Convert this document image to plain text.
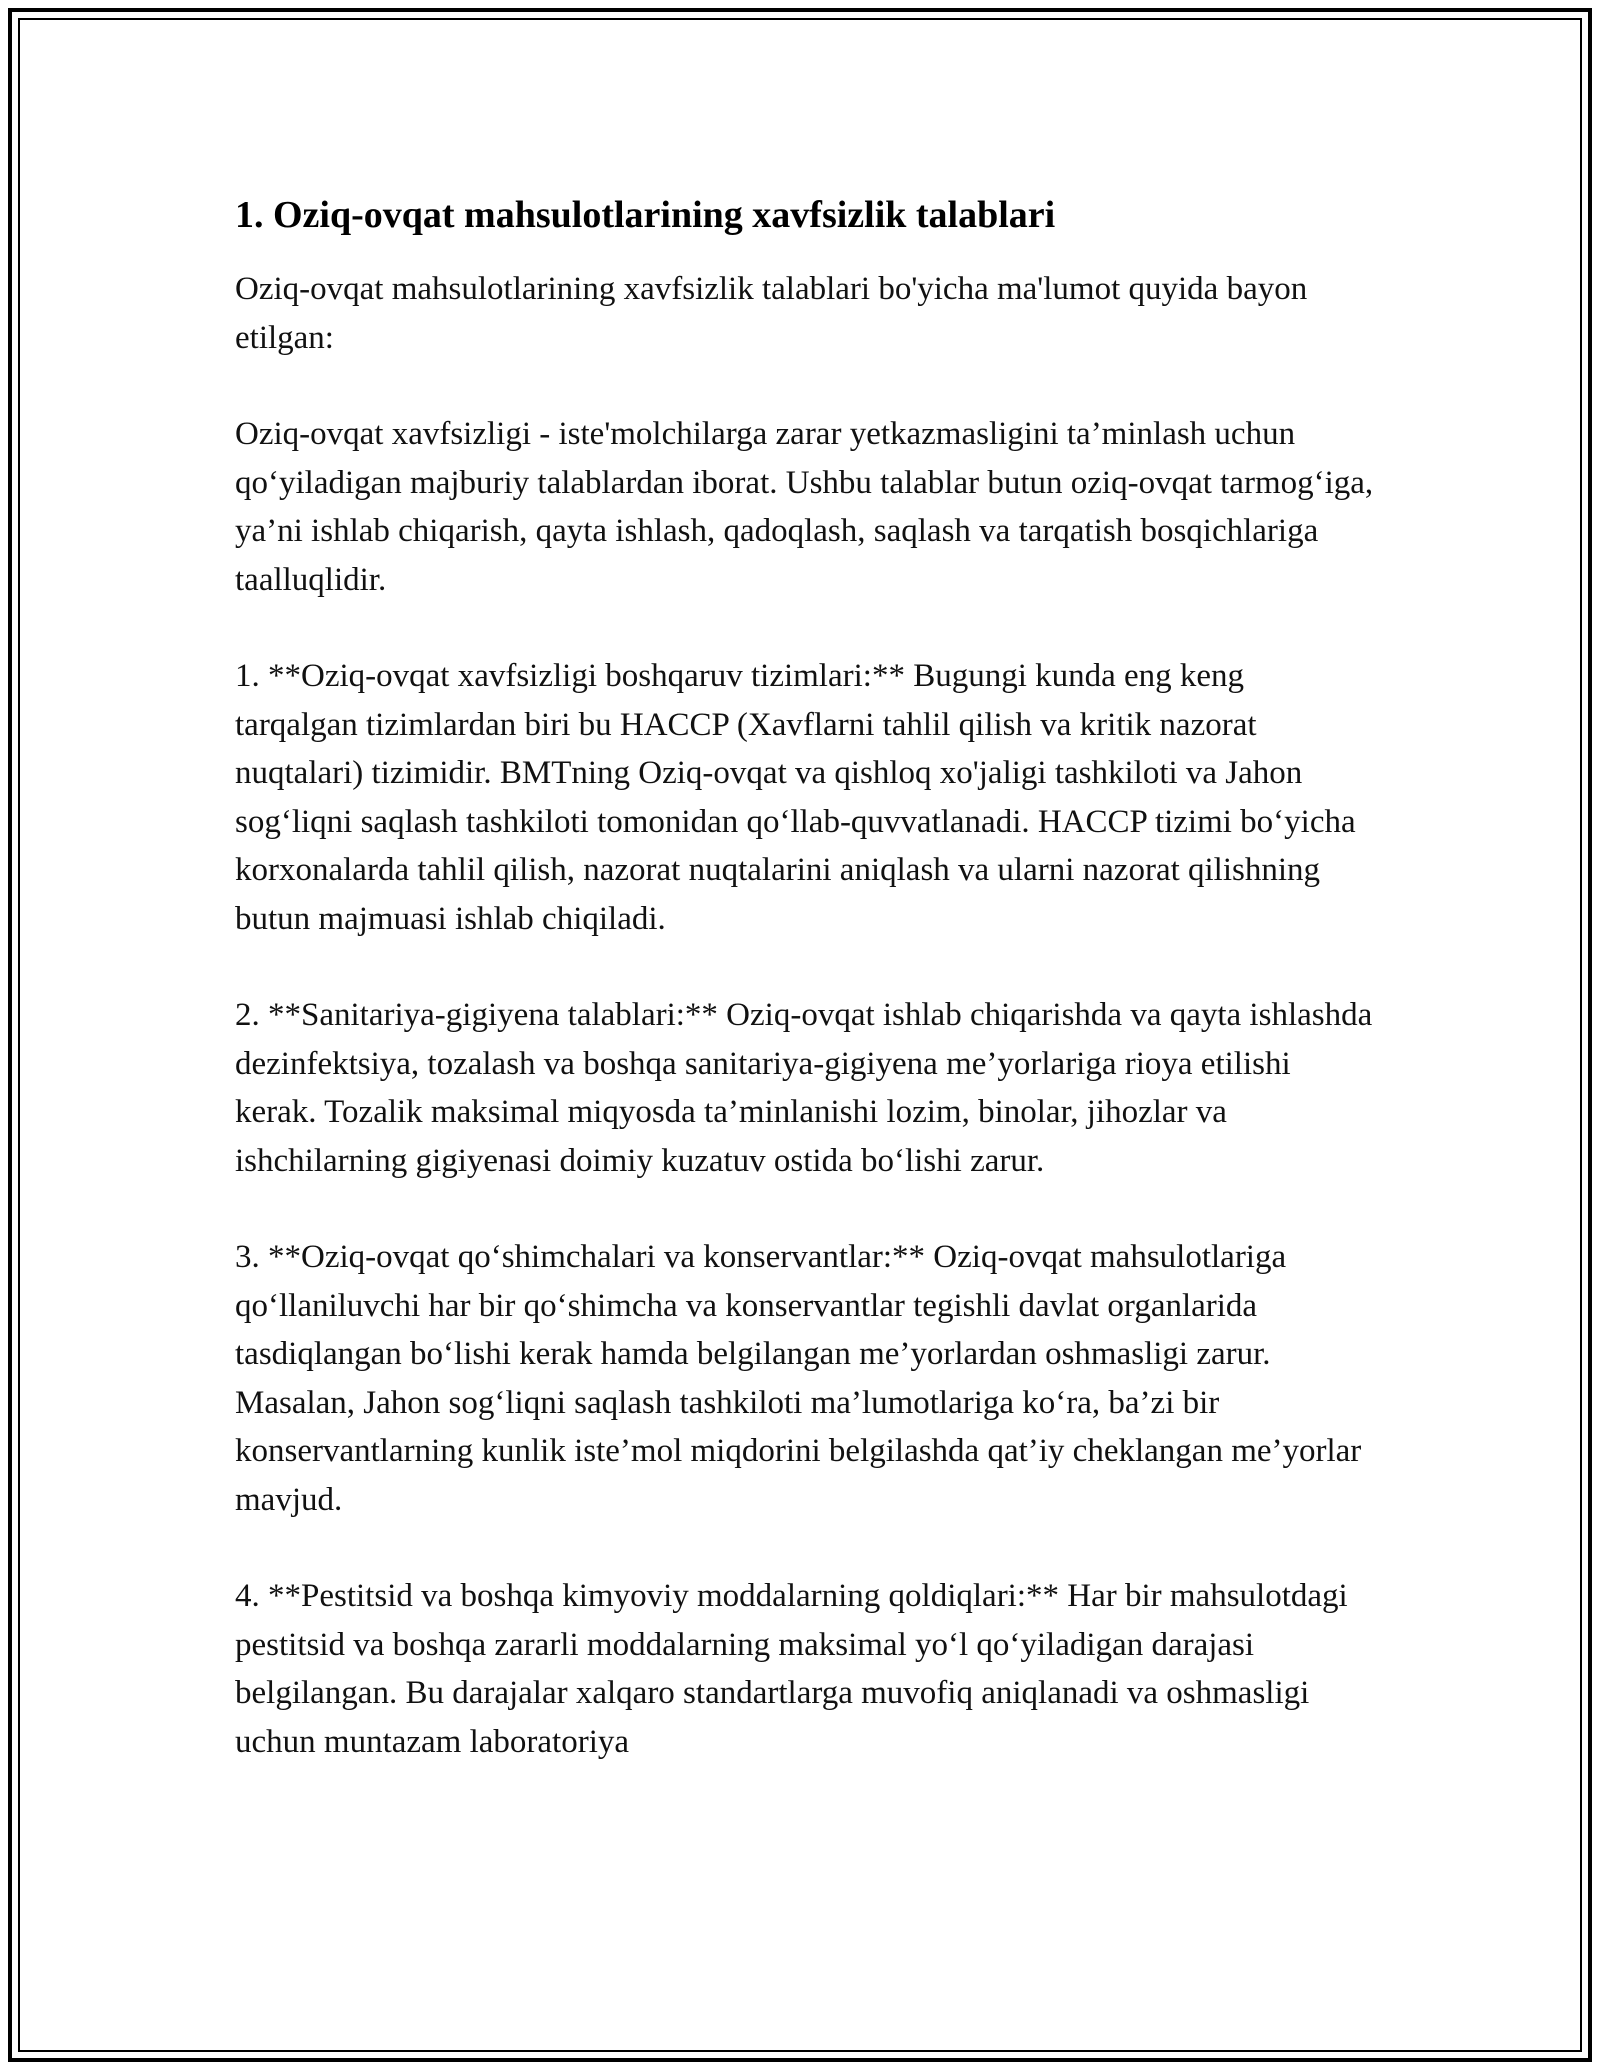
1. Oziq-ovqat mahsulotlarining xavfsizlik talablari

Oziq-ovqat mahsulotlarining xavfsizlik talablari bo'yicha ma'lumot quyida bayon etilgan:

Oziq-ovqat xavfsizligi - iste'molchilarga zarar yetkazmasligini ta’minlash uchun qo‘yiladigan majburiy talablardan iborat. Ushbu talablar butun oziq-ovqat tarmog‘iga, ya’ni ishlab chiqarish, qayta ishlash, qadoqlash, saqlash va tarqatish bosqichlariga taalluqlidir.

1. **Oziq-ovqat xavfsizligi boshqaruv tizimlari:** Bugungi kunda eng keng tarqalgan tizimlardan biri bu HACCP (Xavflarni tahlil qilish va kritik nazorat nuqtalari) tizimidir. BMTning Oziq-ovqat va qishloq xo'jaligi tashkiloti va Jahon sog‘liqni saqlash tashkiloti tomonidan qo‘llab-quvvatlanadi. HACCP tizimi bo‘yicha korxonalarda tahlil qilish, nazorat nuqtalarini aniqlash va ularni nazorat qilishning butun majmuasi ishlab chiqiladi.

2. **Sanitariya-gigiyena talablari:** Oziq-ovqat ishlab chiqarishda va qayta ishlashda dezinfektsiya, tozalash va boshqa sanitariya-gigiyena me’yorlariga rioya etilishi kerak. Tozalik maksimal miqyosda ta’minlanishi lozim, binolar, jihozlar va ishchilarning gigiyenasi doimiy kuzatuv ostida bo‘lishi zarur.

3. **Oziq-ovqat qo‘shimchalari va konservantlar:** Oziq-ovqat mahsulotlariga qo‘llaniluvchi har bir qo‘shimcha va konservantlar tegishli davlat organlarida tasdiqlangan bo‘lishi kerak hamda belgilangan me’yorlardan oshmasligi zarur. Masalan, Jahon sog‘liqni saqlash tashkiloti ma’lumotlariga ko‘ra, ba’zi bir konservantlarning kunlik iste’mol miqdorini belgilashda qat’iy cheklangan me’yorlar mavjud.

4. **Pestitsid va boshqa kimyoviy moddalarning qoldiqlari:** Har bir mahsulotdagi pestitsid va boshqa zararli moddalarning maksimal yo‘l qo‘yiladigan darajasi belgilangan. Bu darajalar xalqaro standartlarga muvofiq aniqlanadi va oshmasligi uchun muntazam laboratoriya
